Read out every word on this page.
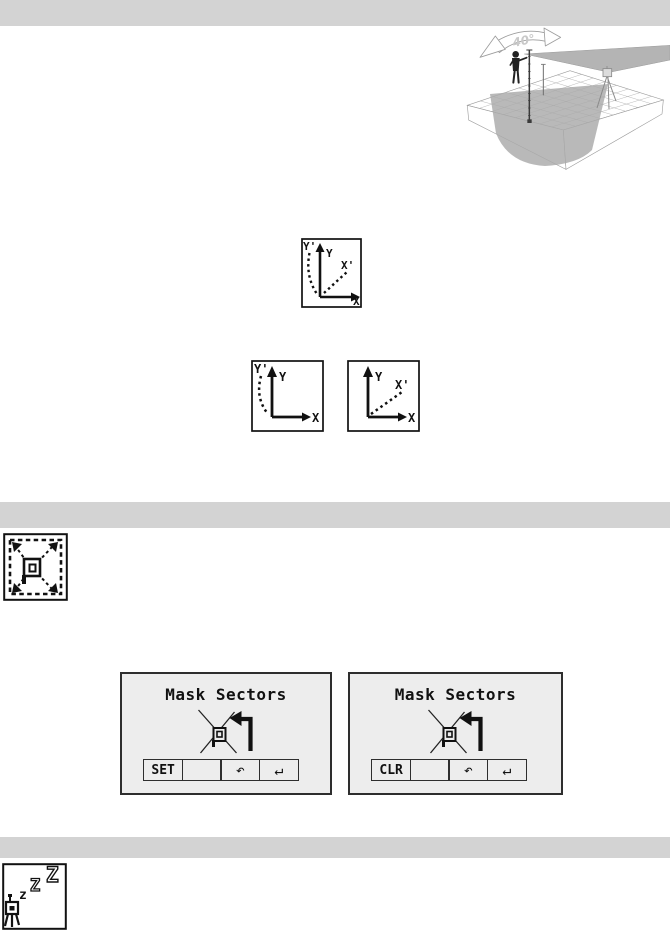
40°
Y'
Y
X'
X
Y'
Y
X
Y
X'
X
Mask Sectors
SET	↶	↵
Mask Sectors
CLR	↶	↵
z Z Z
